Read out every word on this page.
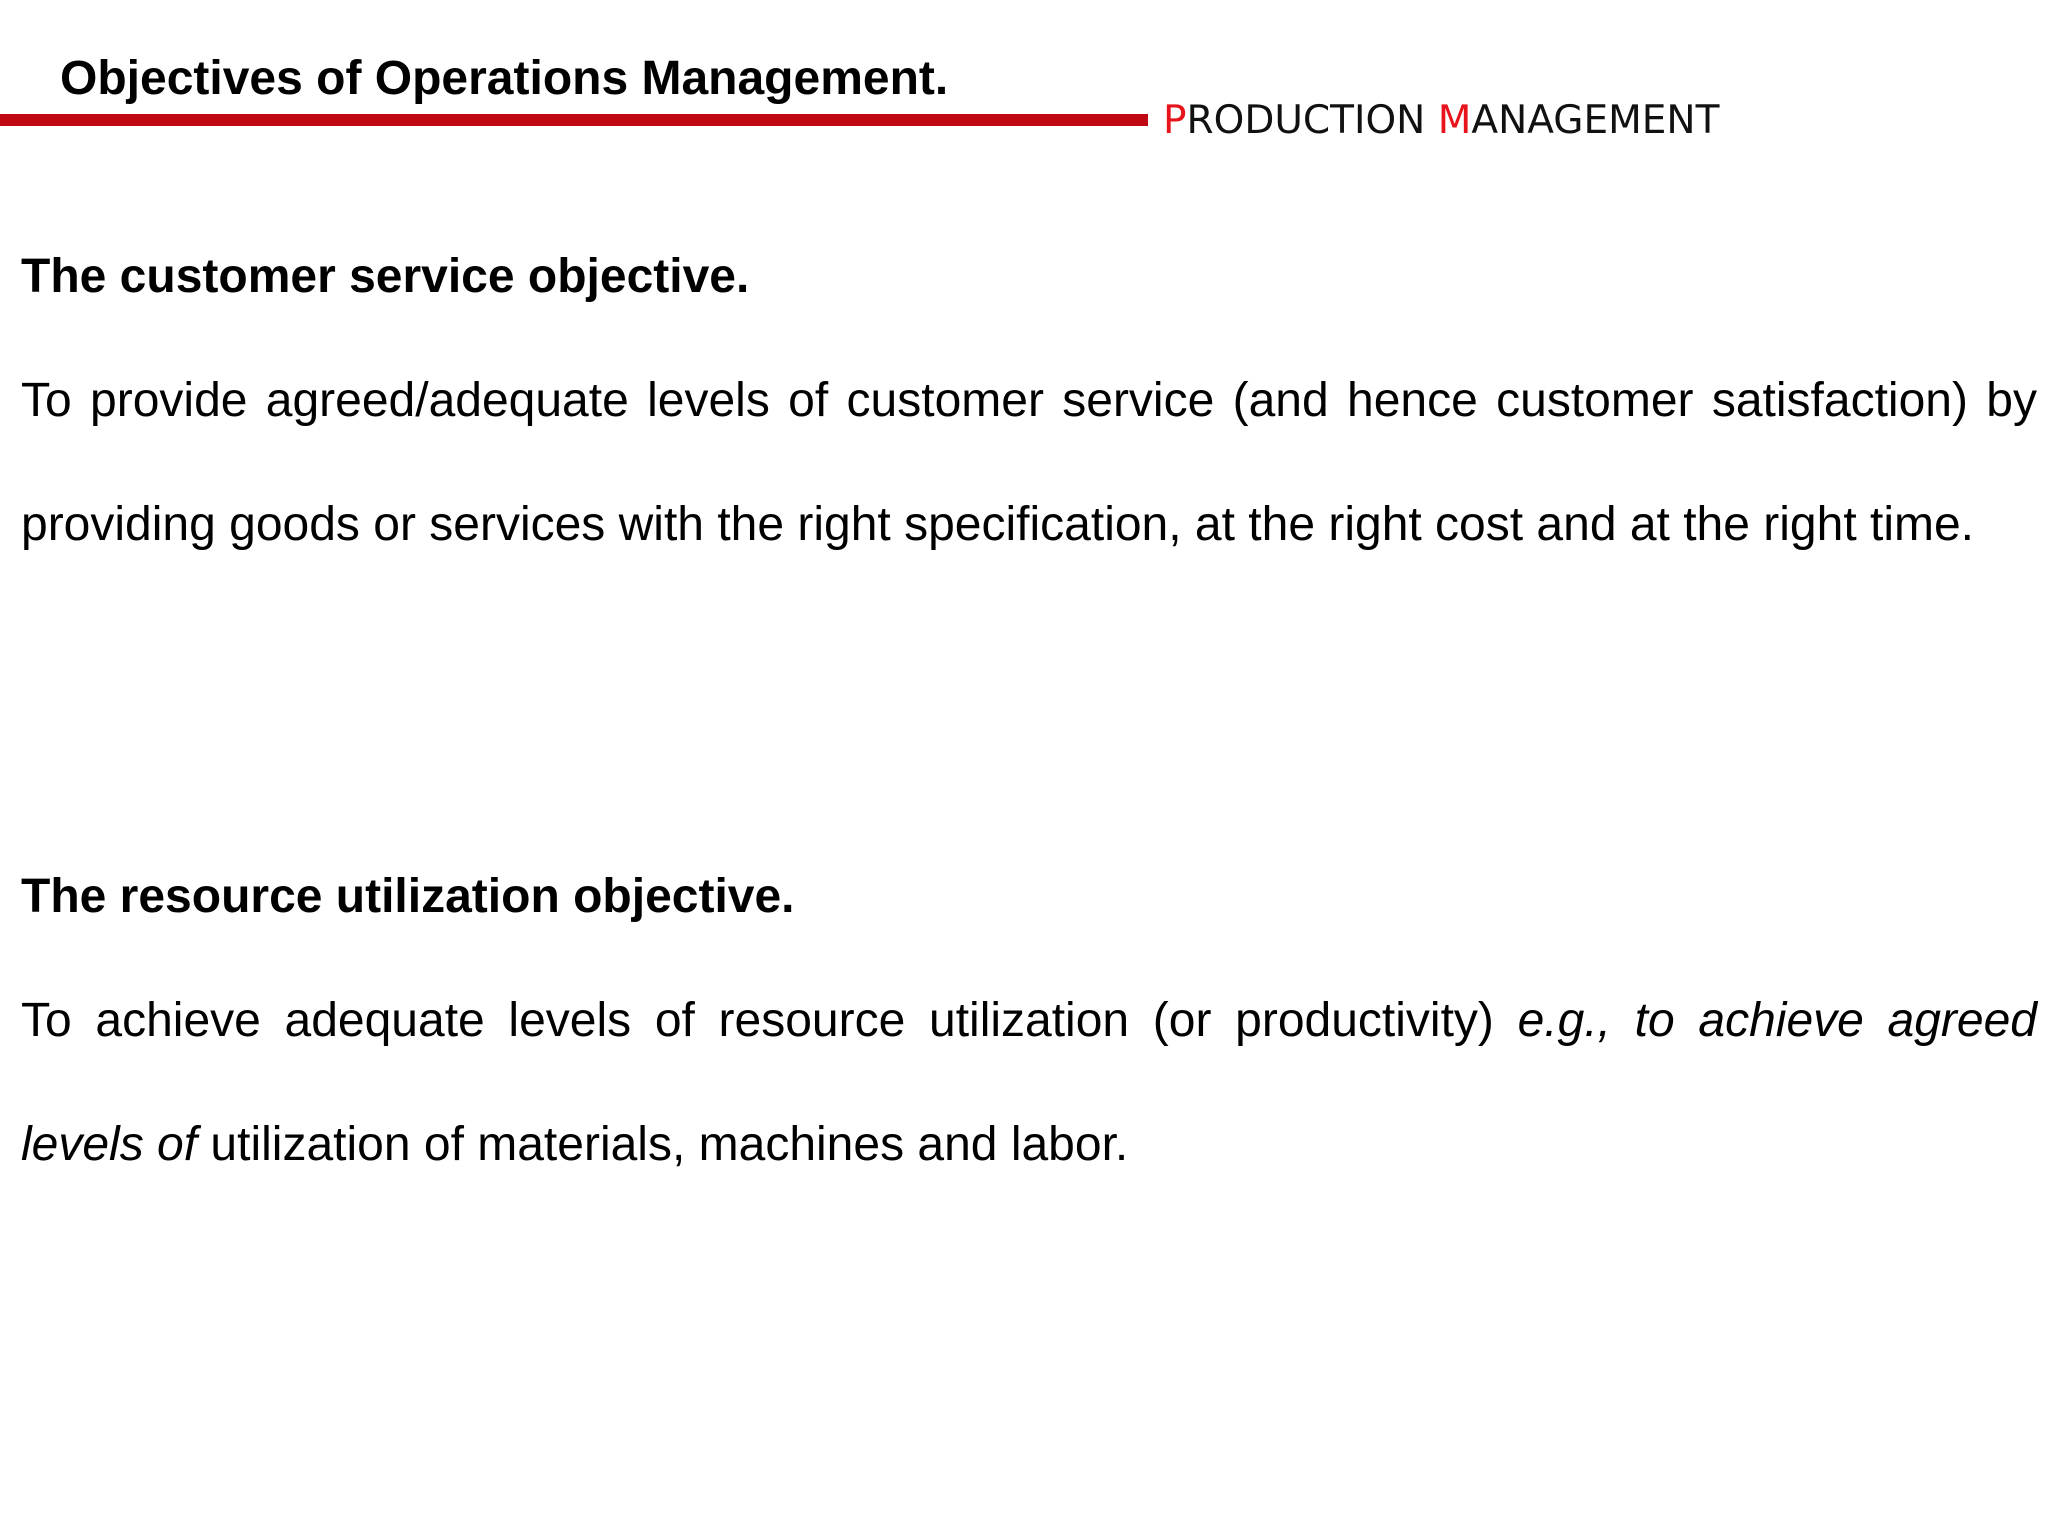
Objectives of Operations Management.
PRODUCTION MANAGEMENT
The customer service objective.

To provide agreed/adequate levels of customer service (and hence customer satisfaction) by providing goods or services with the right specification, at the right cost and at the right time.

The resource utilization objective.

To achieve adequate levels of resource utilization (or productivity) e.g., to achieve agreed levels of utilization of materials, machines and labor.
